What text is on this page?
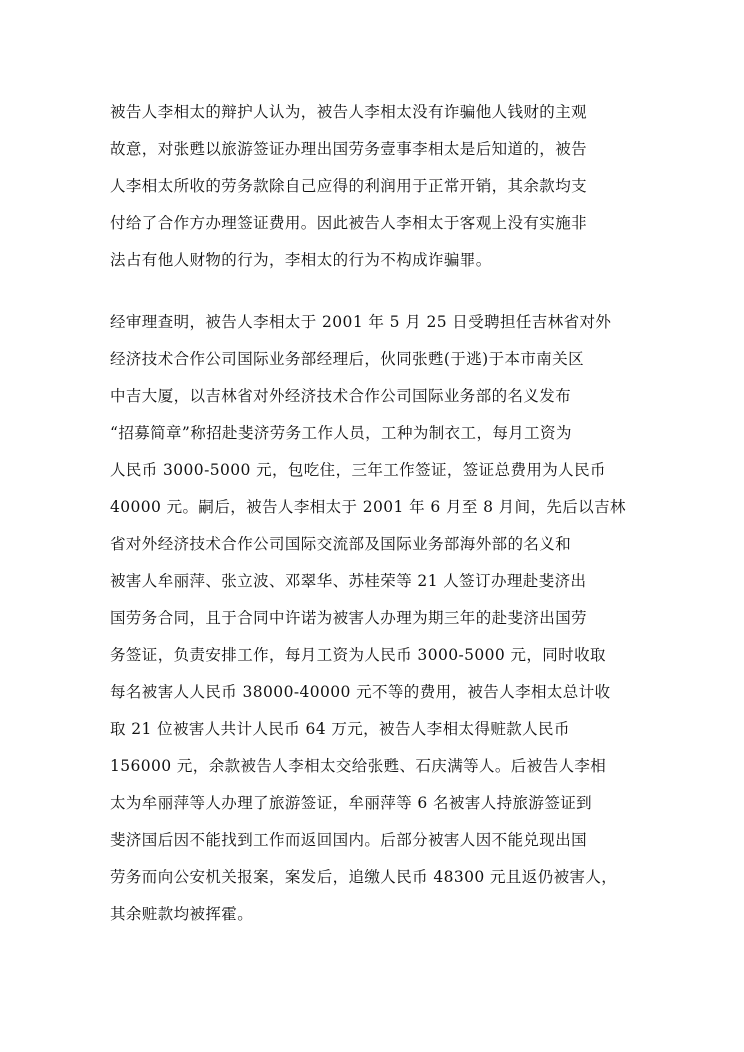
被告人李相太的辩护人认为，被告人李相太没有诈骗他人钱财的主观
故意，对张甦以旅游签证办理出国劳务壹事李相太是后知道的，被告
人李相太所收的劳务款除自己应得的利润用于正常开销，其余款均支
付给了合作方办理签证费用。因此被告人李相太于客观上没有实施非
法占有他人财物的行为，李相太的行为不构成诈骗罪。
经审理查明，被告人李相太于 2001 年 5 月 25 日受聘担任吉林省对外
经济技术合作公司国际业务部经理后，伙同张甦(于逃)于本市南关区
中吉大厦，以吉林省对外经济技术合作公司国际业务部的名义发布
“招募简章”称招赴斐济劳务工作人员，工种为制衣工，每月工资为
人民币 3000-5000 元，包吃住，三年工作签证，签证总费用为人民币
40000 元。嗣后，被告人李相太于 2001 年 6 月至 8 月间，先后以吉林
省对外经济技术合作公司国际交流部及国际业务部海外部的名义和
被害人牟丽萍、张立波、邓翠华、苏桂荣等 21 人签订办理赴斐济出
国劳务合同，且于合同中许诺为被害人办理为期三年的赴斐济出国劳
务签证，负责安排工作，每月工资为人民币 3000-5000 元，同时收取
每名被害人人民币 38000-40000 元不等的费用，被告人李相太总计收
取 21 位被害人共计人民币 64 万元，被告人李相太得赃款人民币
156000 元，余款被告人李相太交给张甦、石庆满等人。后被告人李相
太为牟丽萍等人办理了旅游签证，牟丽萍等 6 名被害人持旅游签证到
斐济国后因不能找到工作而返回国内。后部分被害人因不能兑现出国
劳务而向公安机关报案，案发后，追缴人民币 48300 元且返仍被害人，
其余赃款均被挥霍。
